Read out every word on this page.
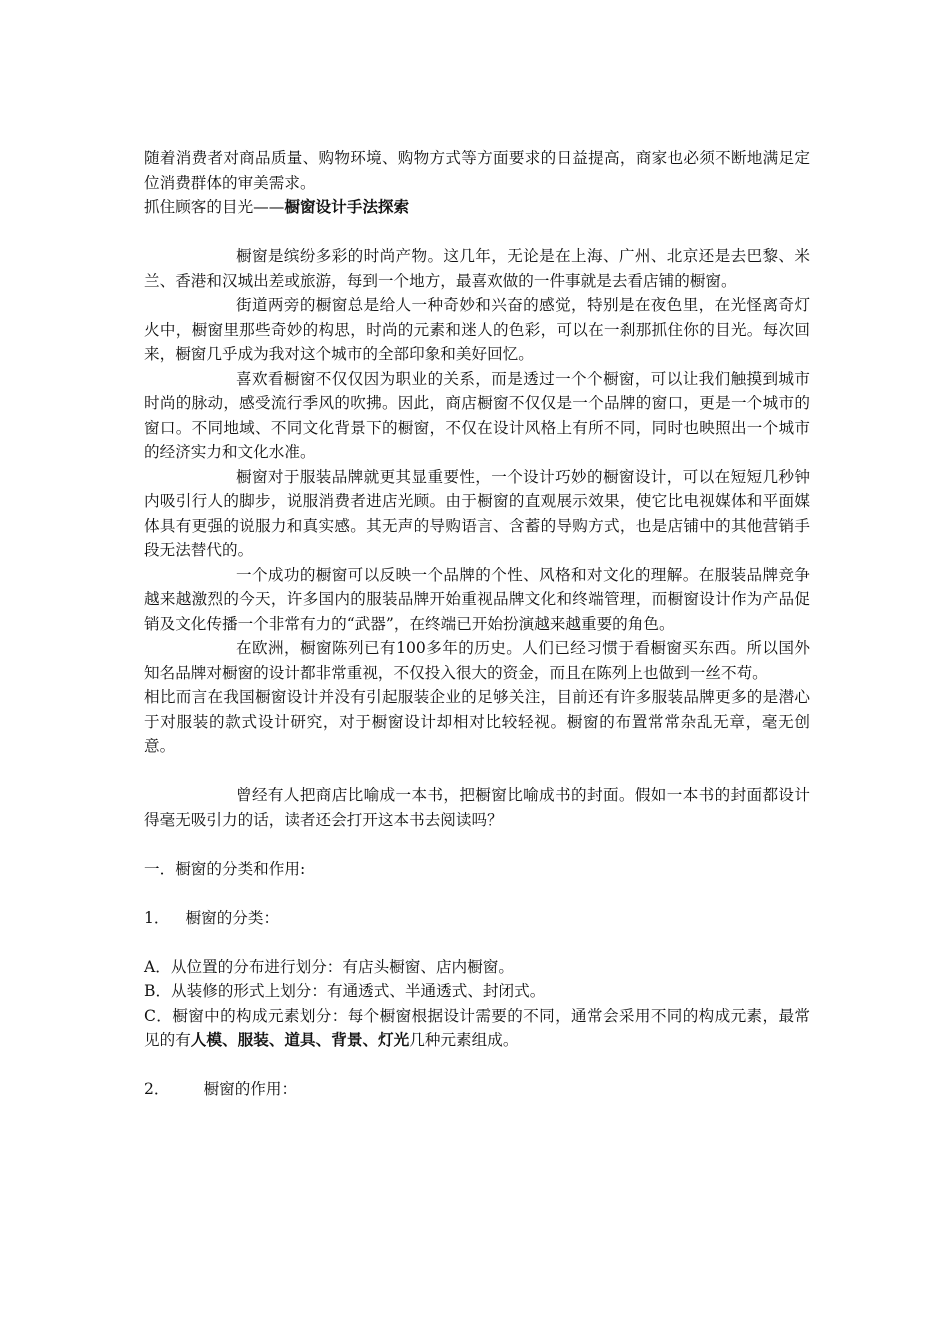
随着消费者对商品质量、购物环境、购物方式等方面要求的日益提高，商家也必须不断地满足定位消费群体的审美需求。

抓住顾客的目光——橱窗设计手法探索

橱窗是缤纷多彩的时尚产物。这几年，无论是在上海、广州、北京还是去巴黎、米兰、香港和汉城出差或旅游，每到一个地方，最喜欢做的一件事就是去看店铺的橱窗。

街道两旁的橱窗总是给人一种奇妙和兴奋的感觉，特别是在夜色里，在光怪离奇灯火中，橱窗里那些奇妙的构思，时尚的元素和迷人的色彩，可以在一刹那抓住你的目光。每次回来，橱窗几乎成为我对这个城市的全部印象和美好回忆。

喜欢看橱窗不仅仅因为职业的关系，而是透过一个个橱窗，可以让我们触摸到城市时尚的脉动，感受流行季风的吹拂。因此，商店橱窗不仅仅是一个品牌的窗口，更是一个城市的窗口。不同地域、不同文化背景下的橱窗，不仅在设计风格上有所不同，同时也映照出一个城市的经济实力和文化水准。

橱窗对于服装品牌就更其显重要性，一个设计巧妙的橱窗设计，可以在短短几秒钟内吸引行人的脚步，说服消费者进店光顾。由于橱窗的直观展示效果，使它比电视媒体和平面媒体具有更强的说服力和真实感。其无声的导购语言、含蓄的导购方式，也是店铺中的其他营销手段无法替代的。

一个成功的橱窗可以反映一个品牌的个性、风格和对文化的理解。在服装品牌竞争越来越激烈的今天，许多国内的服装品牌开始重视品牌文化和终端管理，而橱窗设计作为产品促销及文化传播一个非常有力的“武器”，在终端已开始扮演越来越重要的角色。

在欧洲，橱窗陈列已有100多年的历史。人们已经习惯于看橱窗买东西。所以国外知名品牌对橱窗的设计都非常重视，不仅投入很大的资金，而且在陈列上也做到一丝不苟。

相比而言在我国橱窗设计并没有引起服装企业的足够关注，目前还有许多服装品牌更多的是潜心于对服装的款式设计研究，对于橱窗设计却相对比较轻视。橱窗的布置常常杂乱无章，毫无创意。

曾经有人把商店比喻成一本书，把橱窗比喻成书的封面。假如一本书的封面都设计得毫无吸引力的话，读者还会打开这本书去阅读吗？

一．橱窗的分类和作用:

1． 橱窗的分类：

A．从位置的分布进行划分：有店头橱窗、店内橱窗。

B．从装修的形式上划分：有通透式、半通透式、封闭式。

C．橱窗中的构成元素划分：每个橱窗根据设计需要的不同，通常会采用不同的构成元素，最常见的有人模、服装、道具、背景、灯光几种元素组成。

2． 橱窗的作用：
